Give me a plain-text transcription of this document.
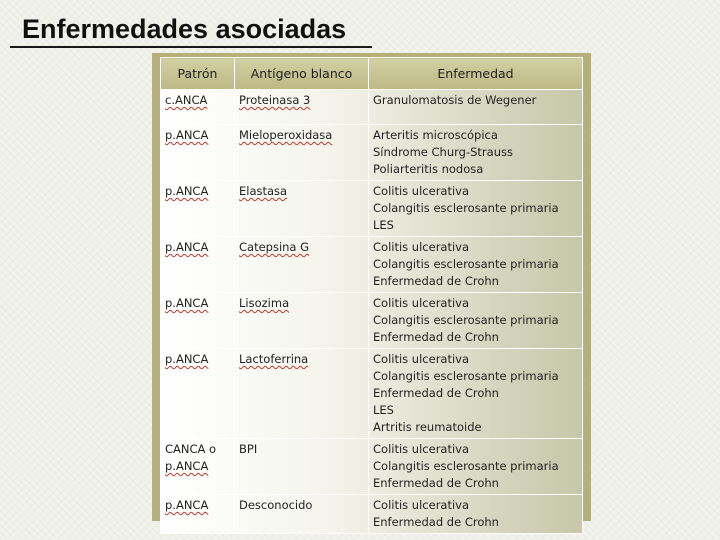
Enfermedades asociadas
Patrón	Antígeno blanco	Enfermedad

c.ANCA	Proteinasa 3	Granulomatosis de Wegener

p.ANCA	Mieloperoxidasa	Arteritis microscópica
Síndrome Churg-Strauss
Poliarteritis nodosa

p.ANCA	Elastasa	Colitis ulcerativa
Colangitis esclerosante primaria
LES

p.ANCA	Catepsina G	Colitis ulcerativa
Colangitis esclerosante primaria
Enfermedad de Crohn

p.ANCA	Lisozima	Colitis ulcerativa
Colangitis esclerosante primaria
Enfermedad de Crohn

p.ANCA	Lactoferrina	Colitis ulcerativa
Colangitis esclerosante primaria
Enfermedad de Crohn
LES
Artritis reumatoide

CANCA o
p.ANCA	BPI	Colitis ulcerativa
Colangitis esclerosante primaria
Enfermedad de Crohn

p.ANCA	Desconocido	Colitis ulcerativa
Enfermedad de Crohn
